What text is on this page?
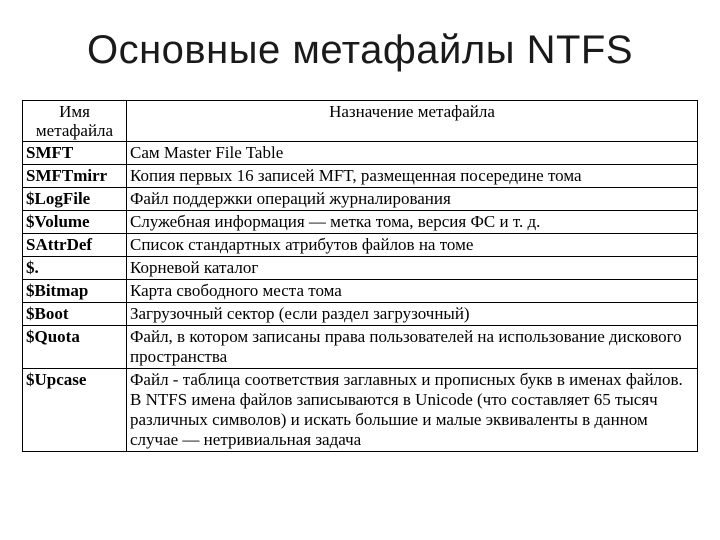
Основные метафайлы NTFS
Имя метафайла	Назначение метафайла
SMFT	Сам Master File Table
SMFTmirr	Копия первых 16 записей MFT, размещенная посередине тома
$LogFile	Файл поддержки операций журналирования
$Volume	Служебная информация — метка тома, версия ФС и т. д.
SAttrDef	Список стандартных атрибутов файлов на томе
$.	Корневой каталог
$Bitmap	Карта свободного места тома
$Boot	Загрузочный сектор (если раздел загрузочный)
$Quota	Файл, в котором записаны права пользователей на использование дискового пространства
$Upcase	Файл - таблица соответствия заглавных и прописных букв в именах файлов. В NTFS имена файлов записываются в Unicode (что составляет 65 тысяч различных символов) и искать большие и малые эквиваленты в данном случае — нетривиальная задача
